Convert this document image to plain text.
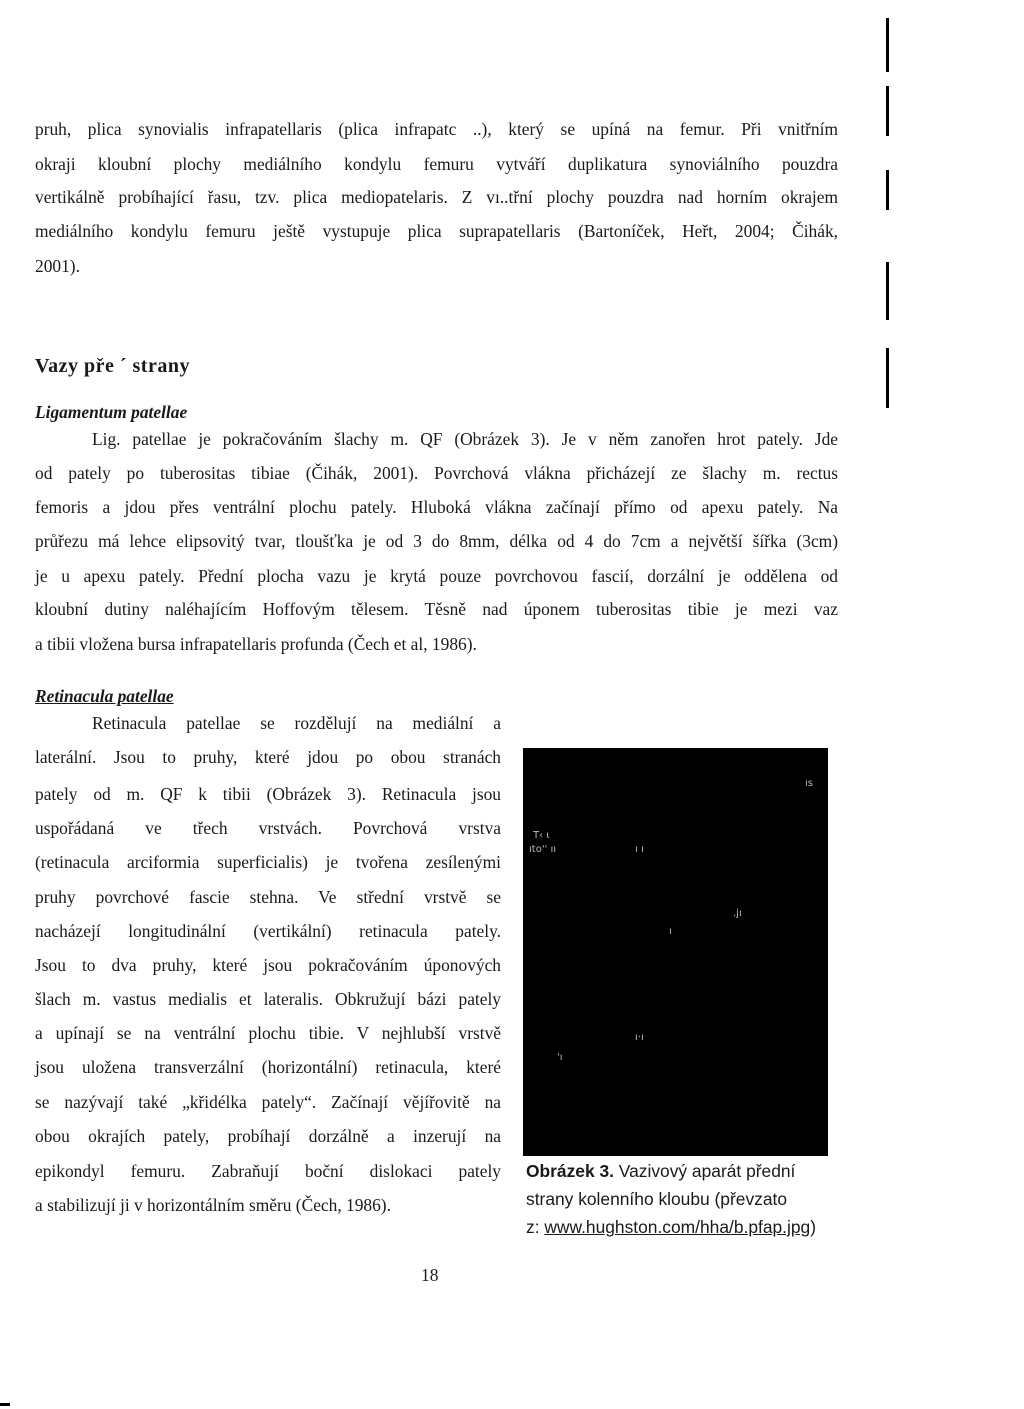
pruh, plica synovialis infrapatellaris (plica infrapatc ..), který se upíná na femur. Při vnitřním
okraji kloubní plochy mediálního kondylu femuru vytváří duplikatura synoviálního pouzdra
vertikálně probíhající řasu, tzv. plica mediopatelaris. Z vı..třní plochy pouzdra nad horním okrajem
mediálního kondylu femuru ještě vystupuje plica suprapatellaris (Bartoníček, Heřt, 2004; Čihák,
2001).
Vazy pře ´ strany
Ligamentum patellae
Lig. patellae je pokračováním šlachy m. QF (Obrázek 3). Je v něm zanořen hrot pately. Jde
od pately po tuberositas tibiae (Čihák, 2001). Povrchová vlákna přicházejí ze šlachy m. rectus
femoris a jdou přes ventrální plochu pately. Hluboká vlákna začínají přímo od apexu pately. Na
průřezu má lehce elipsovitý tvar, tloušťka je od 3 do 8mm, délka od 4 do 7cm a největší šířka (3cm)
je u apexu pately. Přední plocha vazu je krytá pouze povrchovou fascií, dorzální je oddělena od
kloubní dutiny naléhajícím Hoffovým tělesem. Těsně nad úponem tuberositas tibie je mezi vaz
a tibii vložena bursa infrapatellaris profunda (Čech et al, 1986).
Retinacula patellae
Retinacula patellae se rozdělují na mediální a
laterální. Jsou to pruhy, které jdou po obou stranách
pately od m. QF k tibii (Obrázek 3). Retinacula jsou
uspořádaná ve třech vrstvách. Povrchová vrstva
(retinacula arciformia superficialis) je tvořena zesílenými
pruhy povrchové fascie stehna. Ve střední vrstvě se
nacházejí longitudinální (vertikální) retinacula pately.
Jsou to dva pruhy, které jsou pokračováním úponových
šlach m. vastus medialis et lateralis. Obkružují bázi pately
a upínají se na ventrální plochu tibie. V nejhlubší vrstvě
jsou uložena transverzální (horizontální) retinacula, které
se nazývají také „křidélka pately“. Začínají vějířovitě na
obou okrajích pately, probíhají dorzálně a inzerují na
epikondyl femuru. Zabraňují boční dislokaci pately
a stabilizují ji v horizontálním směru (Čech, 1986).
ıs
T‹ ι
ıto'' ıı	ı ı
ı
.jı
ı·ı
'ı
Obrázek 3. Vazivový aparát přední
strany kolenního kloubu (převzato
z: www.hughston.com/hha/b.pfap.jpg)
18
